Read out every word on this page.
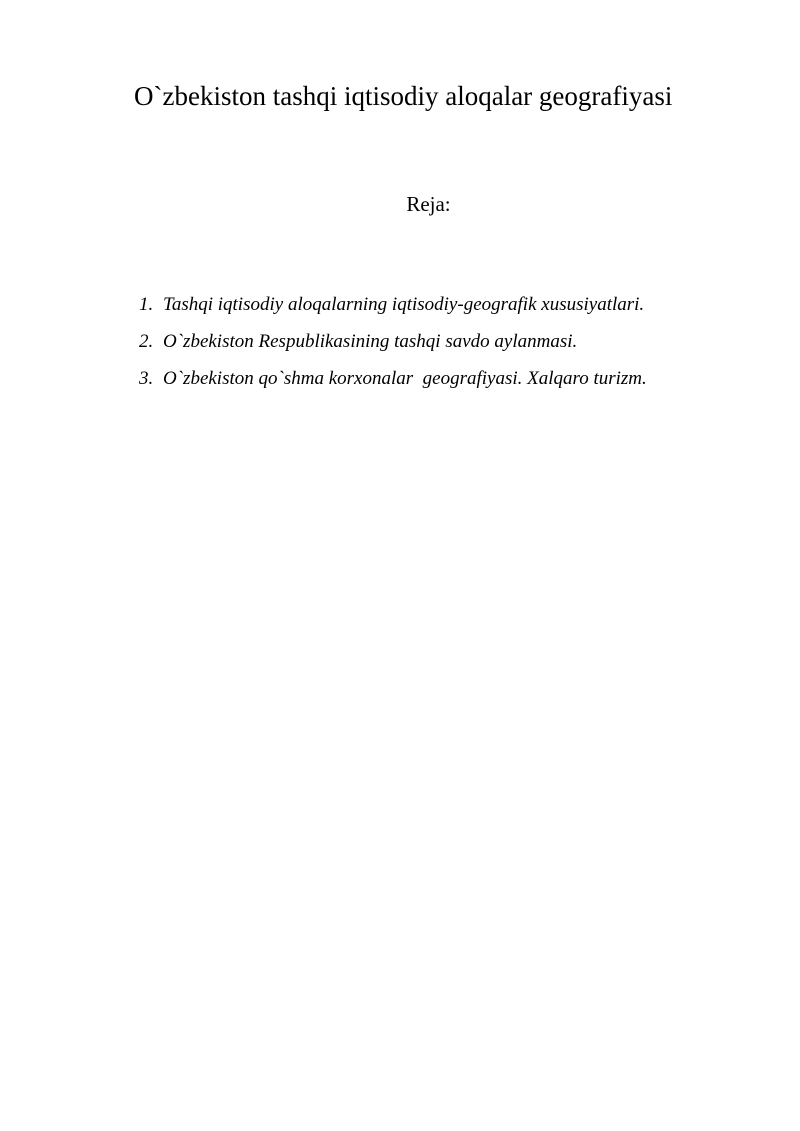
O`zbekiston tashqi iqtisodiy aloqalar geografiyasi
Reja:

1.

Tashqi iqtisodiy aloqalarning iqtisodiy-geografik xususiyatlari.

2.

O`zbekiston Respublikasining tashqi savdo aylanmasi.

3.

O`zbekiston qo`shma korxonalar  geografiyasi. Xalqaro turizm.
